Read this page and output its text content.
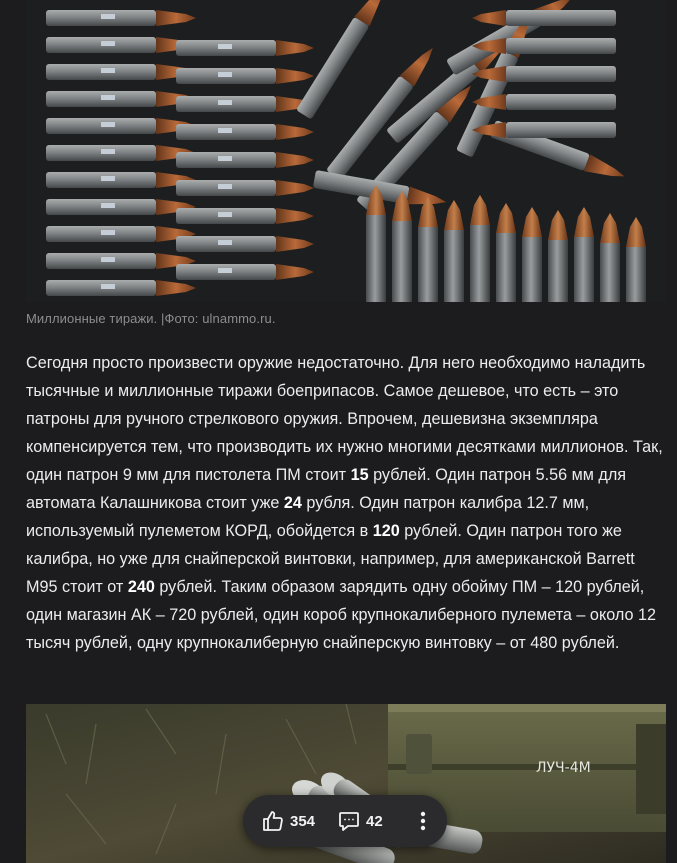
Миллионные тиражи. |Фото: ulnammo.ru.

Сегодня просто произвести оружие недостаточно. Для него необходимо наладить тысячные и миллионные тиражи боеприпасов. Самое дешевое, что есть – это патроны для ручного стрелкового оружия. Впрочем, дешевизна экземпляра компенсируется тем, что производить их нужно многими десятками миллионов. Так, один патрон 9 мм для пистолета ПМ стоит 15 рублей. Один патрон 5.56 мм для автомата Калашникова стоит уже 24 рубля. Один патрон калибра 12.7 мм, используемый пулеметом КОРД, обойдется в 120 рублей. Один патрон того же калибра, но уже для снайперской винтовки, например, для американской Barrett M95 стоит от 240 рублей. Таким образом зарядить одну обойму ПМ – 120 рублей, один магазин АК – 720 рублей, один короб крупнокалиберного пулемета – около 12 тысяч рублей, одну крупнокалиберную снайперскую винтовку – от 480 рублей.

ЛУЧ-4М
354	42
